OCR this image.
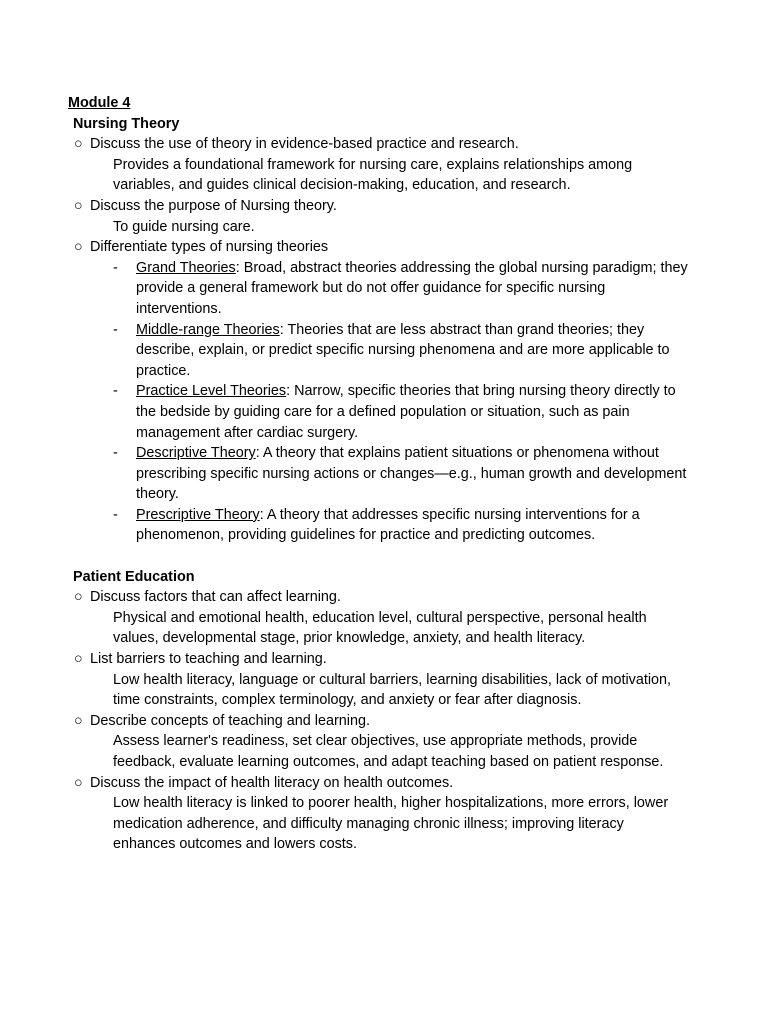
Module 4
Nursing Theory
○ Discuss the use of theory in evidence-based practice and research.
Provides a foundational framework for nursing care, explains relationships among variables, and guides clinical decision-making, education, and research.
○ Discuss the purpose of Nursing theory.
To guide nursing care.
○ Differentiate types of nursing theories
- Grand Theories: Broad, abstract theories addressing the global nursing paradigm; they provide a general framework but do not offer guidance for specific nursing interventions.
- Middle-range Theories: Theories that are less abstract than grand theories; they describe, explain, or predict specific nursing phenomena and are more applicable to practice.
- Practice Level Theories: Narrow, specific theories that bring nursing theory directly to the bedside by guiding care for a defined population or situation, such as pain management after cardiac surgery.
- Descriptive Theory: A theory that explains patient situations or phenomena without prescribing specific nursing actions or changes—e.g., human growth and development theory.
- Prescriptive Theory: A theory that addresses specific nursing interventions for a phenomenon, providing guidelines for practice and predicting outcomes.
Patient Education
○ Discuss factors that can affect learning.
Physical and emotional health, education level, cultural perspective, personal health values, developmental stage, prior knowledge, anxiety, and health literacy.
○ List barriers to teaching and learning.
Low health literacy, language or cultural barriers, learning disabilities, lack of motivation, time constraints, complex terminology, and anxiety or fear after diagnosis.
○ Describe concepts of teaching and learning.
Assess learner's readiness, set clear objectives, use appropriate methods, provide feedback, evaluate learning outcomes, and adapt teaching based on patient response.
○ Discuss the impact of health literacy on health outcomes.
Low health literacy is linked to poorer health, higher hospitalizations, more errors, lower medication adherence, and difficulty managing chronic illness; improving literacy enhances outcomes and lowers costs.
